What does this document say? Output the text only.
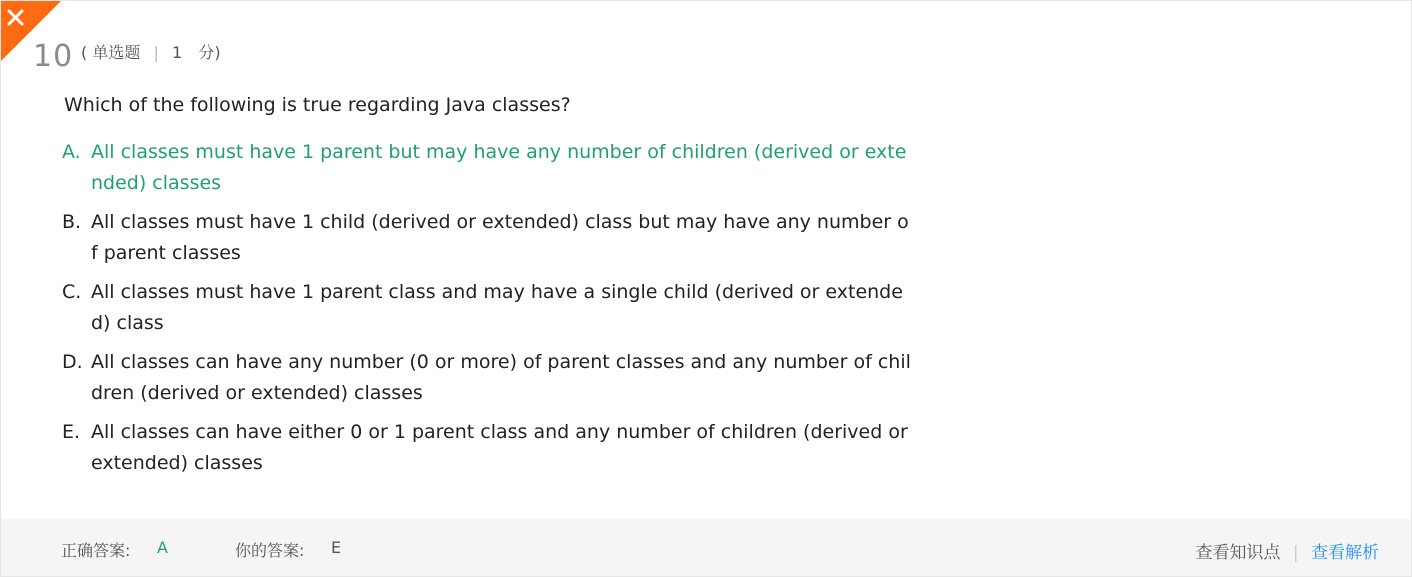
10 ( 单选题 | 1 分)
Which of the following is true regarding Java classes?
A. All classes must have 1 parent but may have any number of children (derived or extended) classes
B. All classes must have 1 child (derived or extended) class but may have any number of parent classes
C. All classes must have 1 parent class and may have a single child (derived or extended) class
D. All classes can have any number (0 or more) of parent classes and any number of children (derived or extended) classes
E. All classes can have either 0 or 1 parent class and any number of children (derived or extended) classes
正确答案: A	你的答案: E	查看知识点 | 查看解析
